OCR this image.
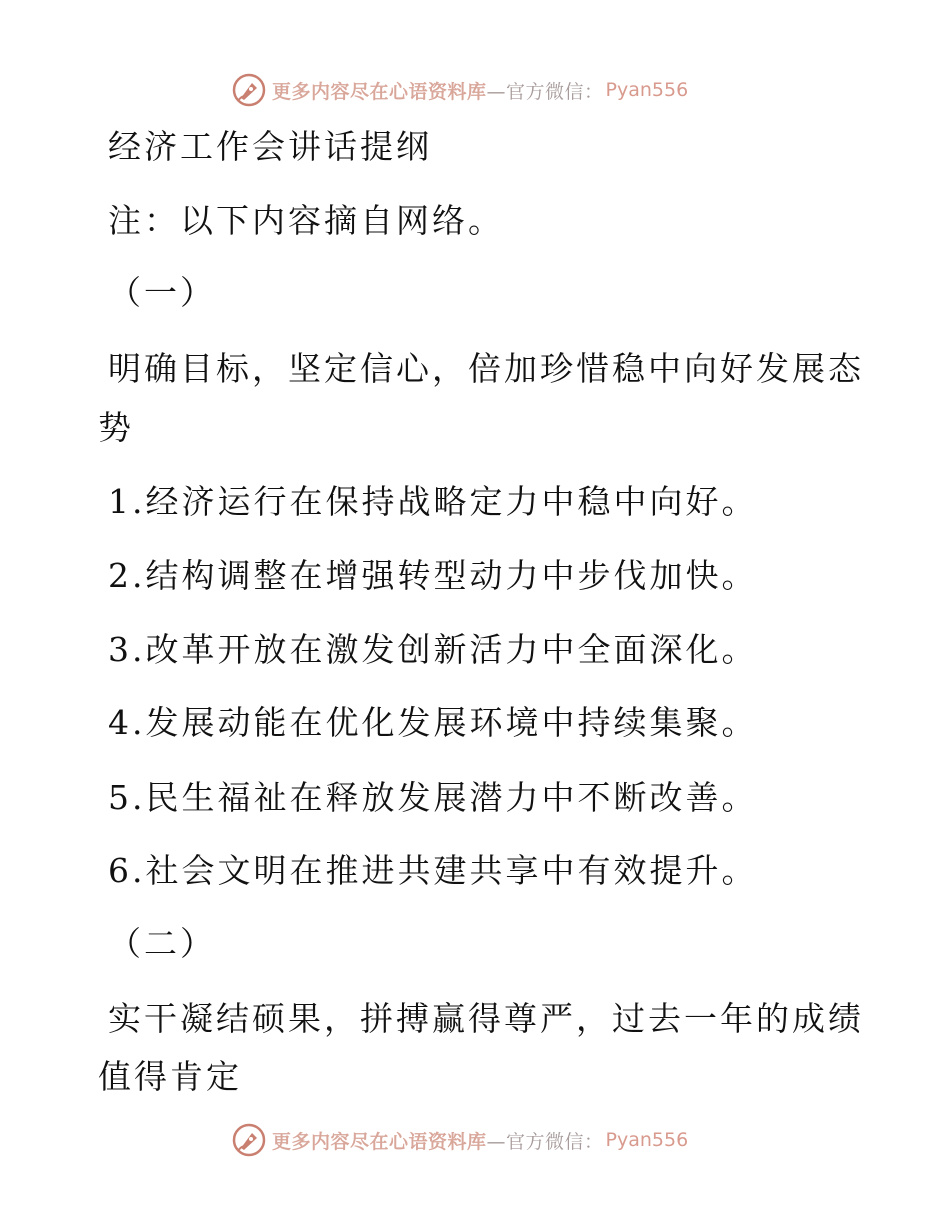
更多内容尽在心语资料库 —官方微信： Pyan556
经济工作会讲话提纲
注：以下内容摘自网络。
（一）
明确目标，坚定信心，倍加珍惜稳中向好发展态
势
1.经济运行在保持战略定力中稳中向好。
2.结构调整在增强转型动力中步伐加快。
3.改革开放在激发创新活力中全面深化。
4.发展动能在优化发展环境中持续集聚。
5.民生福祉在释放发展潜力中不断改善。
6.社会文明在推进共建共享中有效提升。
（二）
实干凝结硕果，拼搏赢得尊严，过去一年的成绩
值得肯定
更多内容尽在心语资料库 —官方微信： Pyan556
